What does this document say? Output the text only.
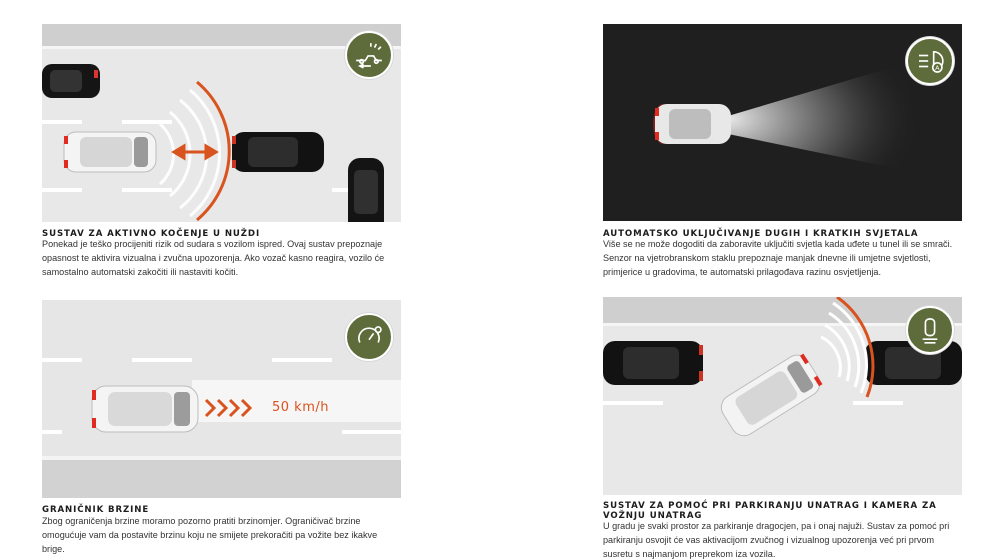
SUSTAV ZA AKTIVNO KOČENJE U NUŽDI
Ponekad je teško procijeniti rizik od sudara s vozilom ispred. Ovaj sustav prepoznaje opasnost te aktivira vizualna i zvučna upozorenja. Ako vozač kasno reagira, vozilo će samostalno automatski zakočiti ili nastaviti kočiti.
A
AUTOMATSKO UKLJUČIVANJE DUGIH I KRATKIH SVJETALA
Više se ne može dogoditi da zaboravite uključiti svjetla kada uđete u tunel ili se smrači. Senzor na vjetrobranskom staklu prepoznaje manjak dnevne ili umjetne svjetlosti, primjerice u gradovima, te automatski prilagođava razinu osvjetljenja.
50 km/h
GRANIČNIK BRZINE
Zbog ograničenja brzine moramo pozorno pratiti brzinomjer. Ograničivač brzine omogućuje vam da postavite brzinu koju ne smijete prekoračiti pa vožite bez ikakve brige.
SUSTAV ZA POMOĆ PRI PARKIRANJU UNATRAG I KAMERA ZA VOŽNJU UNATRAG
U gradu je svaki prostor za parkiranje dragocjen, pa i onaj najuži. Sustav za pomoć pri parkiranju osvojit će vas aktivacijom zvučnog i vizualnog upozorenja već pri prvom susretu s najmanjom preprekom iza vozila.
